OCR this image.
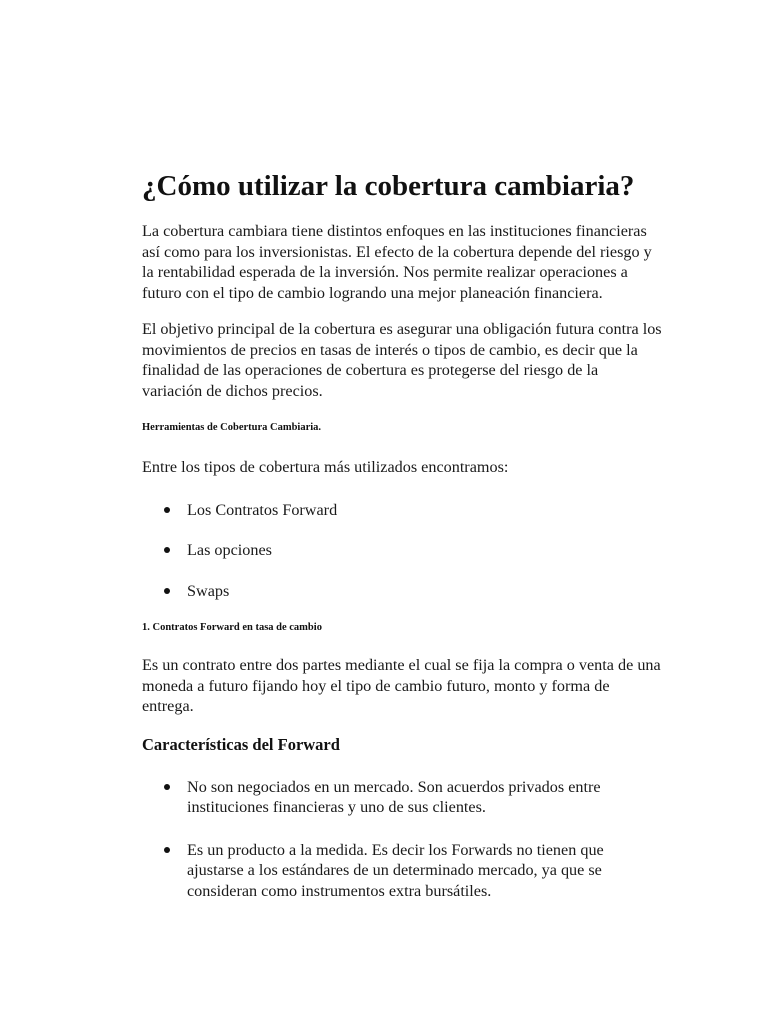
¿Cómo utilizar la cobertura cambiaria?

La cobertura cambiara tiene distintos enfoques en las instituciones financieras así como para los inversionistas. El efecto de la cobertura depende del riesgo y la rentabilidad esperada de la inversión. Nos permite realizar operaciones a futuro con el tipo de cambio logrando una mejor planeación financiera.

El objetivo principal de la cobertura es asegurar una obligación futura contra los movimientos de precios en tasas de interés o tipos de cambio, es decir que la finalidad de las operaciones de cobertura es protegerse del riesgo de la variación de dichos precios.

Herramientas de Cobertura Cambiaria.

Entre los tipos de cobertura más utilizados encontramos:

Los Contratos Forward
Las opciones
Swaps
1. Contratos Forward en tasa de cambio

Es un contrato entre dos partes mediante el cual se fija la compra o venta de una moneda a futuro fijando hoy el tipo de cambio futuro, monto y forma de entrega.

Características del Forward
No son negociados en un mercado. Son acuerdos privados entre instituciones financieras y uno de sus clientes.
Es un producto a la medida. Es decir los Forwards no tienen que ajustarse a los estándares de un determinado mercado, ya que se consideran como instrumentos extra bursátiles.
